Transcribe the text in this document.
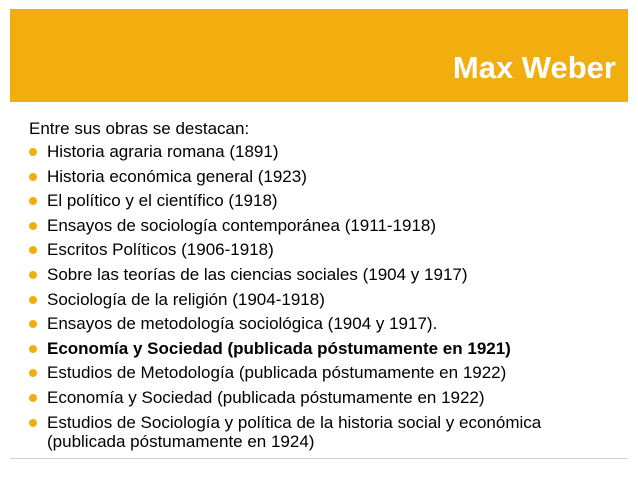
Max Weber

Entre sus obras se destacan:

Historia agraria romana (1891)
Historia económica general (1923)
El político y el científico (1918)
Ensayos de sociología contemporánea (1911-1918)
Escritos Políticos (1906-1918)
Sobre las teorías de las ciencias sociales (1904 y 1917)
Sociología de la religión (1904-1918)
Ensayos de metodología sociológica (1904 y 1917).
Economía y Sociedad (publicada póstumamente en 1921)
Estudios de Metodología (publicada póstumamente en 1922)
Economía y Sociedad (publicada póstumamente en 1922)
Estudios de Sociología y política de la historia social y económica (publicada póstumamente en 1924)
